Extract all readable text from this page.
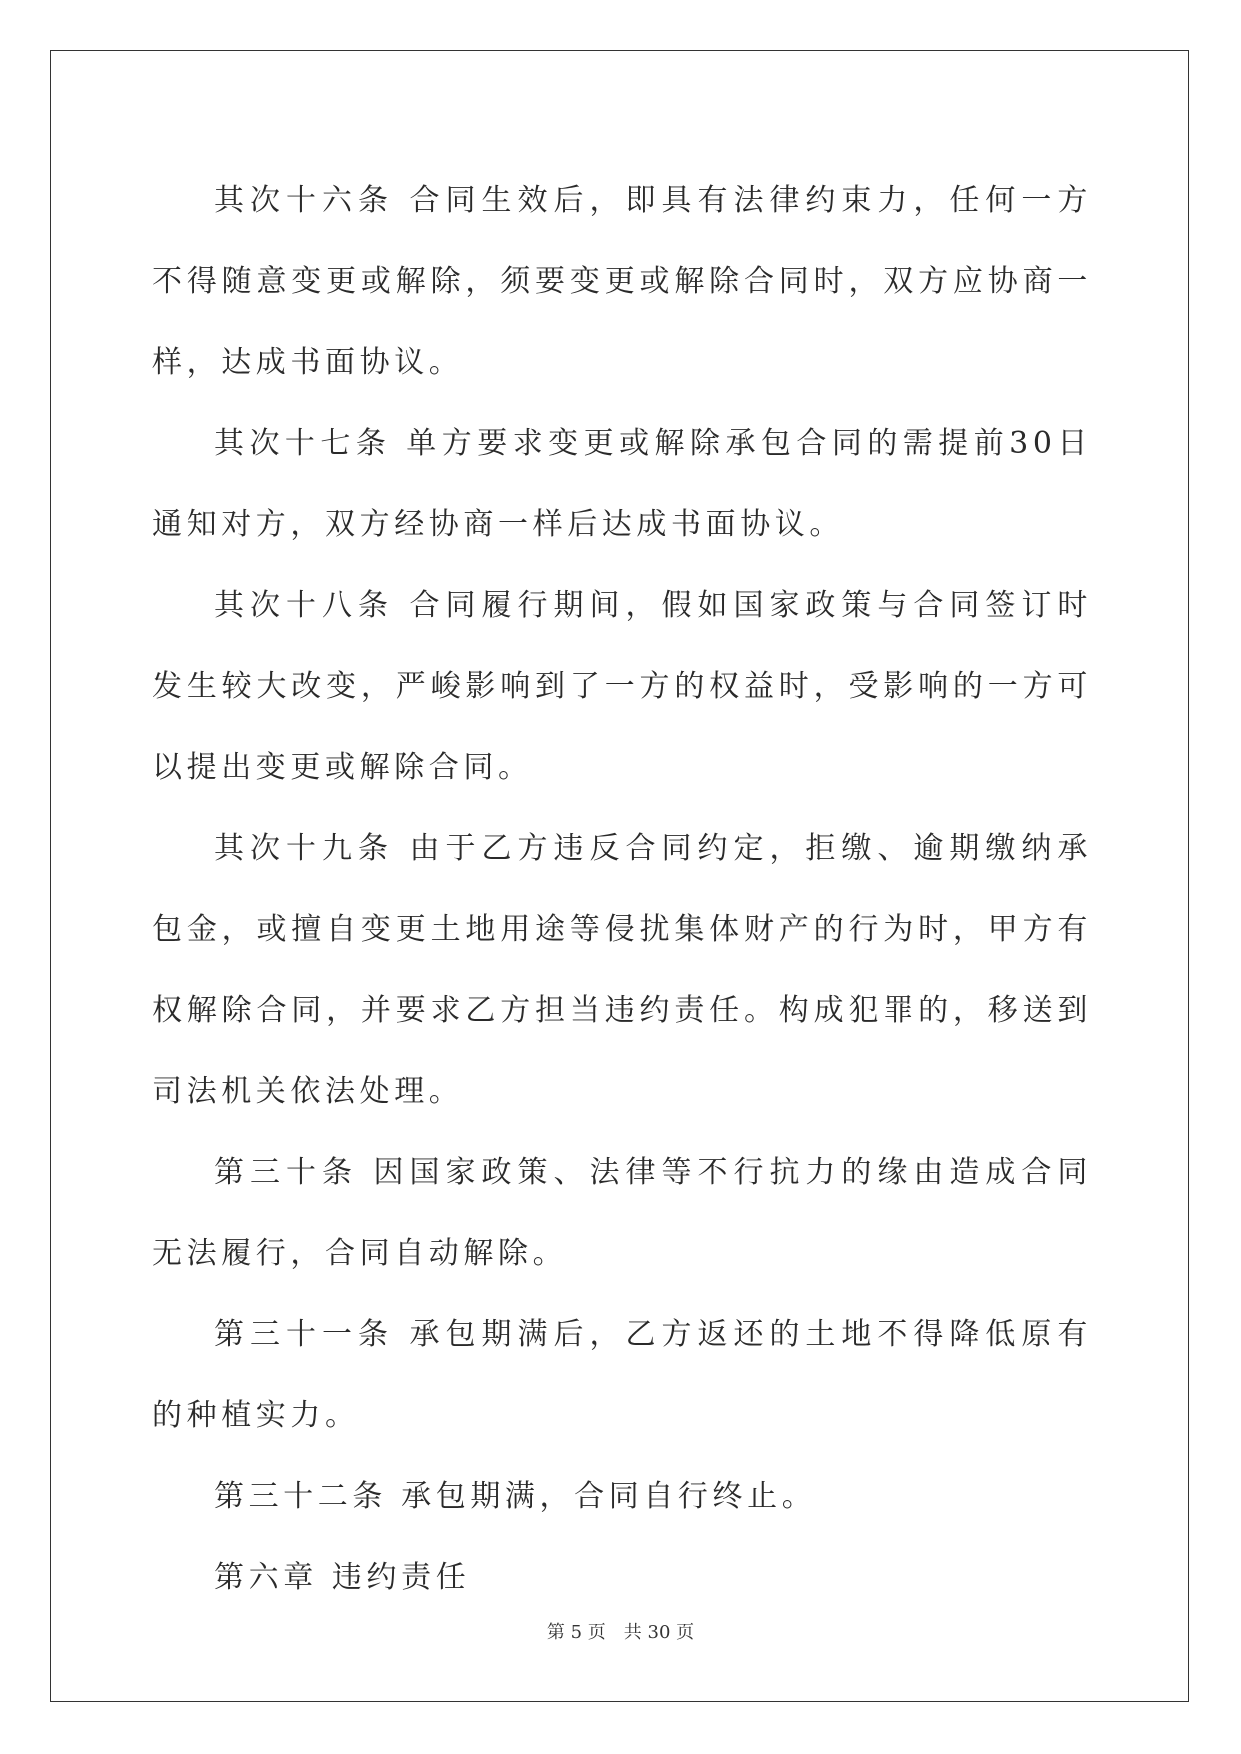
其次十六条 合同生效后，即具有法律约束力，任何一方不得随意变更或解除，须要变更或解除合同时，双方应协商一样，达成书面协议。

其次十七条 单方要求变更或解除承包合同的需提前30日通知对方，双方经协商一样后达成书面协议。

其次十八条 合同履行期间，假如国家政策与合同签订时发生较大改变，严峻影响到了一方的权益时，受影响的一方可以提出变更或解除合同。

其次十九条 由于乙方违反合同约定，拒缴、逾期缴纳承包金，或擅自变更土地用途等侵扰集体财产的行为时，甲方有权解除合同，并要求乙方担当违约责任。构成犯罪的，移送到司法机关依法处理。

第三十条 因国家政策、法律等不行抗力的缘由造成合同无法履行，合同自动解除。

第三十一条 承包期满后，乙方返还的土地不得降低原有的种植实力。

第三十二条 承包期满，合同自行终止。

第六章 违约责任

第 5 页 共 30 页
